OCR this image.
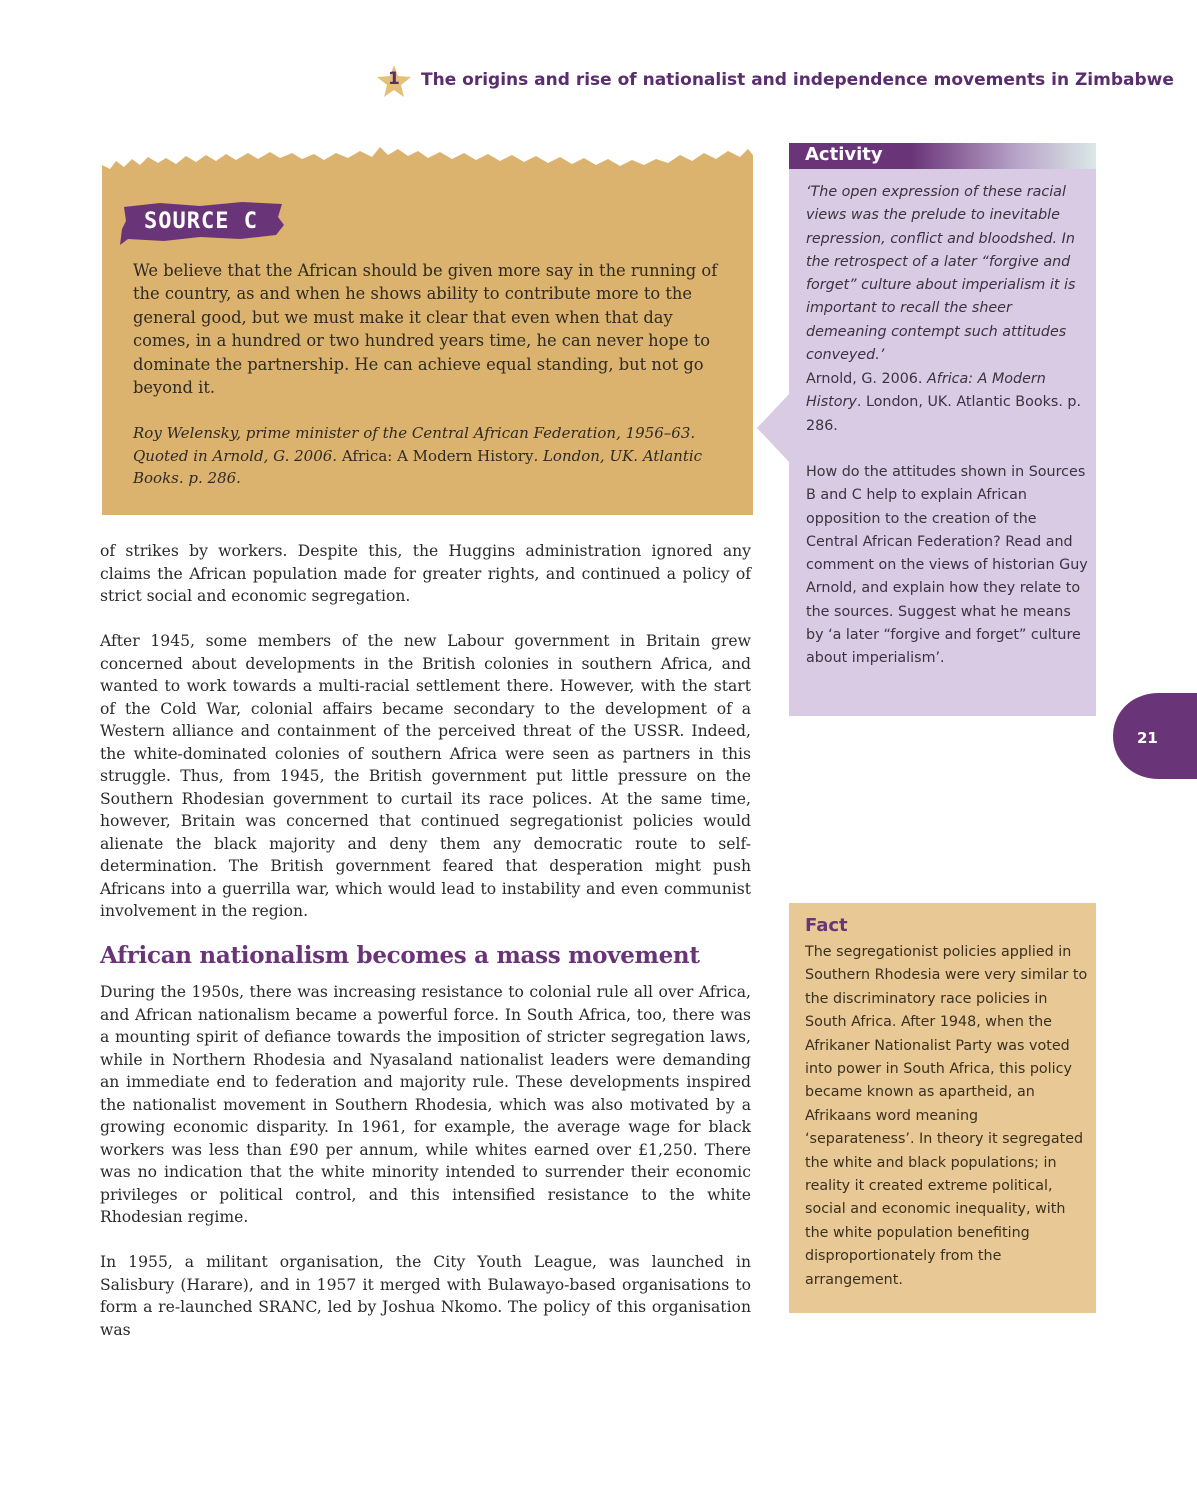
1 The origins and rise of nationalist and independence movements in Zimbabwe
SOURCE C

We believe that the African should be given more say in the running of the country, as and when he shows ability to contribute more to the general good, but we must make it clear that even when that day comes, in a hundred or two hundred years time, he can never hope to dominate the partnership. He can achieve equal standing, but not go beyond it.

Roy Welensky, prime minister of the Central African Federation, 1956–63. Quoted in Arnold, G. 2006. Africa: A Modern History. London, UK. Atlantic Books. p. 286.

of strikes by workers. Despite this, the Huggins administration ignored any claims the African population made for greater rights, and continued a policy of strict social and economic segregation.

After 1945, some members of the new Labour government in Britain grew concerned about developments in the British colonies in southern Africa, and wanted to work towards a multi-racial settlement there. However, with the start of the Cold War, colonial affairs became secondary to the development of a Western alliance and containment of the perceived threat of the USSR. Indeed, the white-dominated colonies of southern Africa were seen as partners in this struggle. Thus, from 1945, the British government put little pressure on the Southern Rhodesian government to curtail its race polices. At the same time, however, Britain was concerned that continued segregationist policies would alienate the black majority and deny them any democratic route to self-determination. The British government feared that desperation might push Africans into a guerrilla war, which would lead to instability and even communist involvement in the region.

African nationalism becomes a mass movement

During the 1950s, there was increasing resistance to colonial rule all over Africa, and African nationalism became a powerful force. In South Africa, too, there was a mounting spirit of defiance towards the imposition of stricter segregation laws, while in Northern Rhodesia and Nyasaland nationalist leaders were demanding an immediate end to federation and majority rule. These developments inspired the nationalist movement in Southern Rhodesia, which was also motivated by a growing economic disparity. In 1961, for example, the average wage for black workers was less than £90 per annum, while whites earned over £1,250. There was no indication that the white minority intended to surrender their economic privileges or political control, and this intensified resistance to the white Rhodesian regime.

In 1955, a militant organisation, the City Youth League, was launched in Salisbury (Harare), and in 1957 it merged with Bulawayo-based organisations to form a re-launched SRANC, led by Joshua Nkomo. The policy of this organisation was

Activity

‘The open expression of these racial views was the prelude to inevitable repression, conflict and bloodshed. In the retrospect of a later “forgive and forget” culture about imperialism it is important to recall the sheer demeaning contempt such attitudes conveyed.’

Arnold, G. 2006. Africa: A Modern History. London, UK. Atlantic Books. p. 286.

How do the attitudes shown in Sources B and C help to explain African opposition to the creation of the Central African Federation? Read and comment on the views of historian Guy Arnold, and explain how they relate to the sources. Suggest what he means by ‘a later “forgive and forget” culture about imperialism’.

21
Fact

The segregationist policies applied in Southern Rhodesia were very similar to the discriminatory race policies in South Africa. After 1948, when the Afrikaner Nationalist Party was voted into power in South Africa, this policy became known as apartheid, an Afrikaans word meaning ‘separateness’. In theory it segregated the white and black populations; in reality it created extreme political, social and economic inequality, with the white population benefiting disproportionately from the arrangement.
